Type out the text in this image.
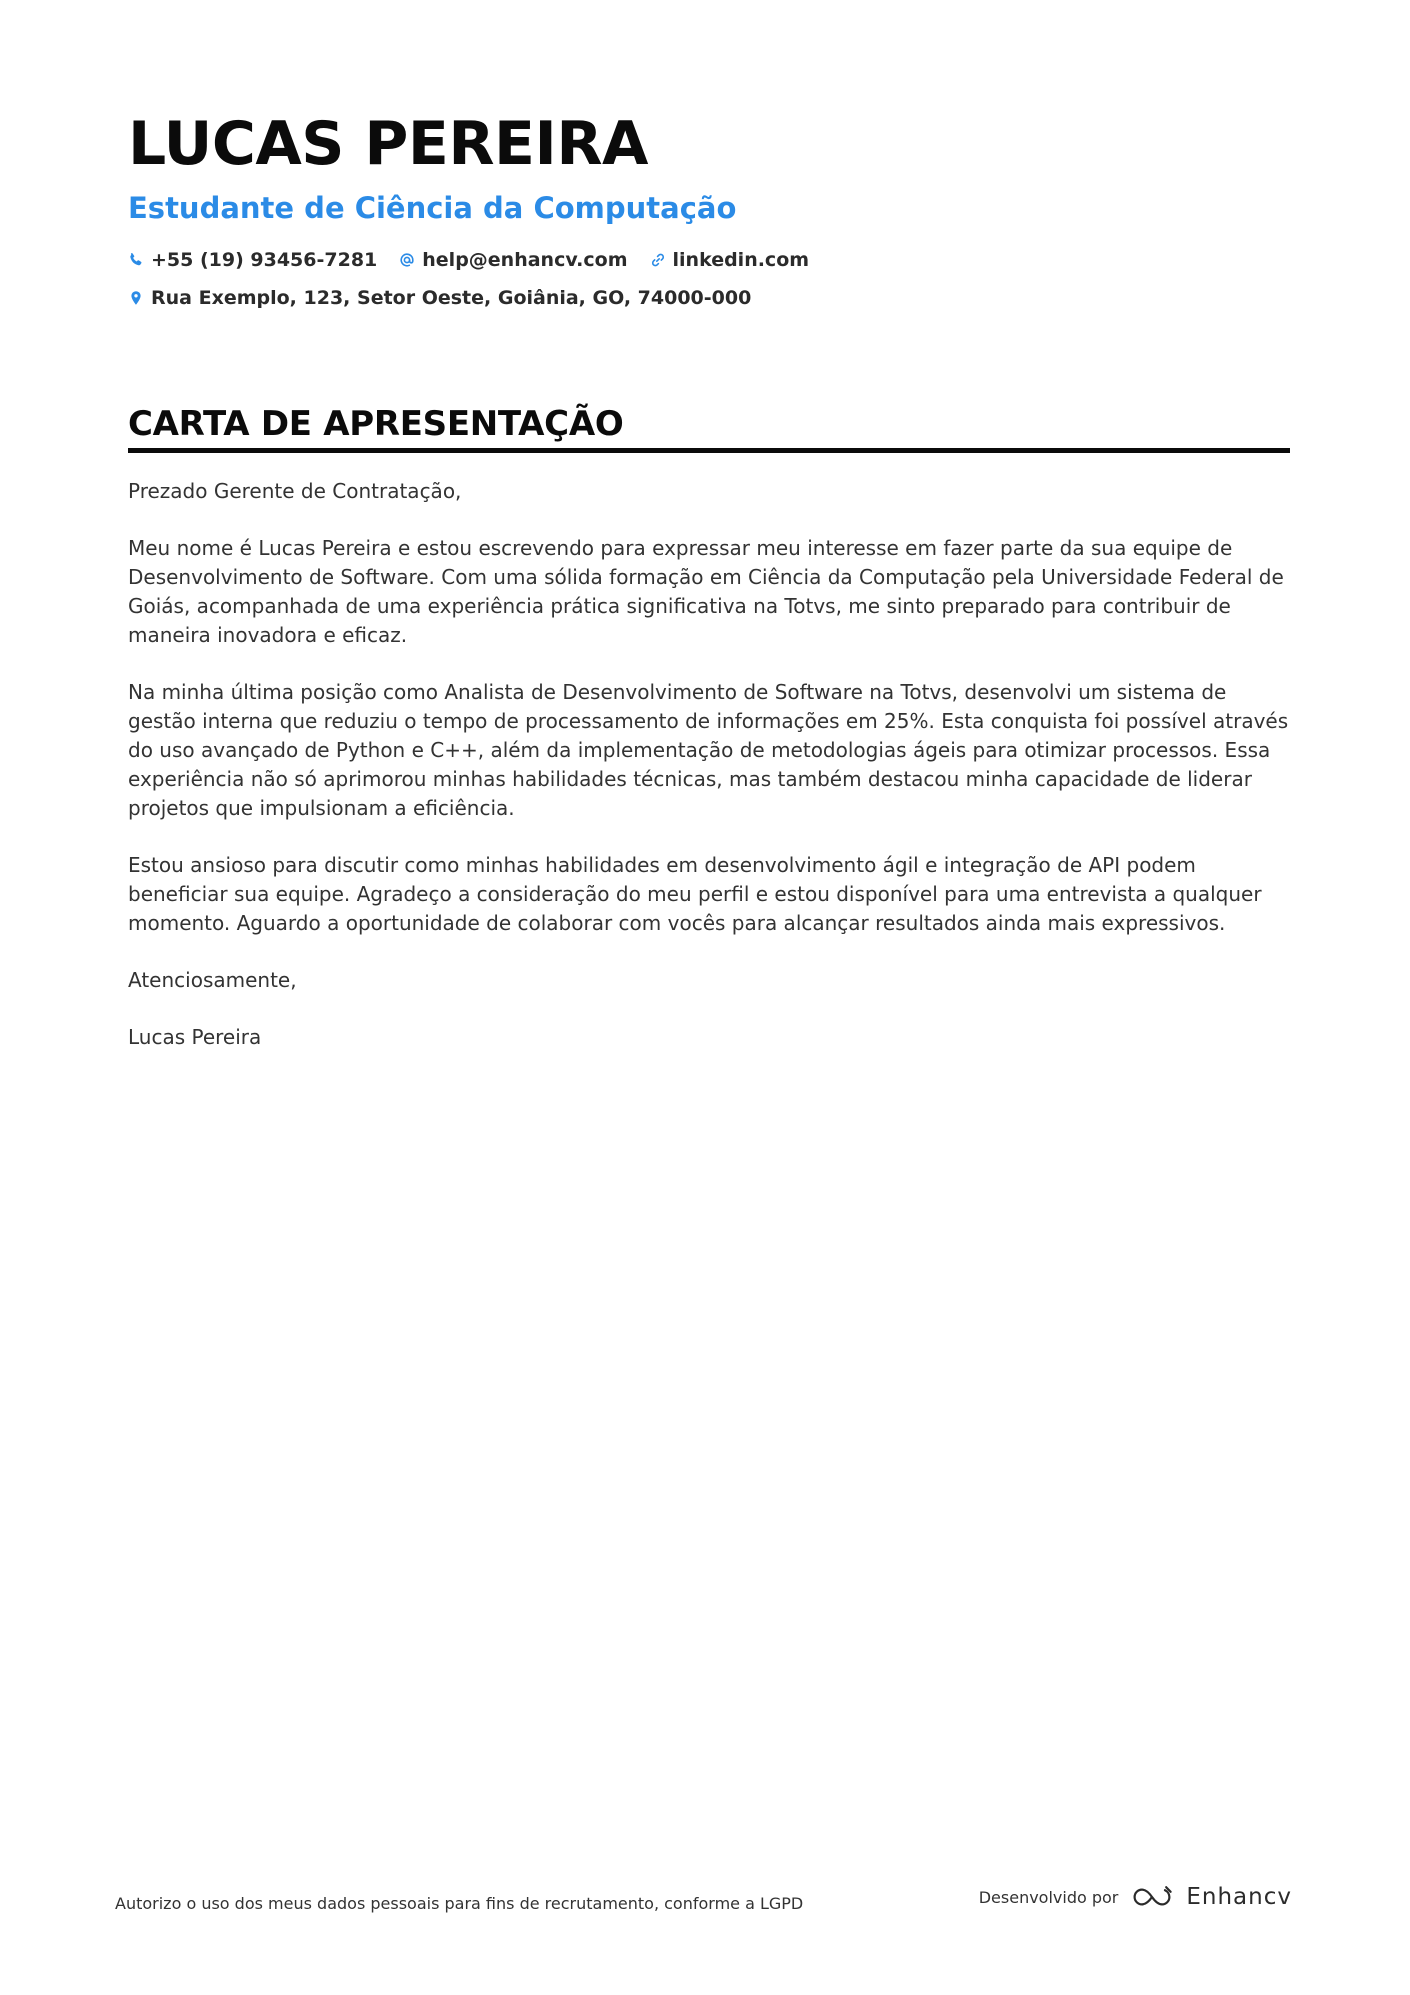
LUCAS PEREIRA
Estudante de Ciência da Computação
+55 (19) 93456-7281 help@enhancv.com linkedin.com
Rua Exemplo, 123, Setor Oeste, Goiânia, GO, 74000-000
CARTA DE APRESENTAÇÃO

Prezado Gerente de Contratação,

Meu nome é Lucas Pereira e estou escrevendo para expressar meu interesse em fazer parte da sua equipe de Desenvolvimento de Software. Com uma sólida formação em Ciência da Computação pela Universidade Federal de Goiás, acompanhada de uma experiência prática significativa na Totvs, me sinto preparado para contribuir de maneira inovadora e eficaz.

Na minha última posição como Analista de Desenvolvimento de Software na Totvs, desenvolvi um sistema de gestão interna que reduziu o tempo de processamento de informações em 25%. Esta conquista foi possível através do uso avançado de Python e C++, além da implementação de metodologias ágeis para otimizar processos. Essa experiência não só aprimorou minhas habilidades técnicas, mas também destacou minha capacidade de liderar projetos que impulsionam a eficiência.

Estou ansioso para discutir como minhas habilidades em desenvolvimento ágil e integração de API podem beneficiar sua equipe. Agradeço a consideração do meu perfil e estou disponível para uma entrevista a qualquer momento. Aguardo a oportunidade de colaborar com vocês para alcançar resultados ainda mais expressivos.

Atenciosamente,

Lucas Pereira

Autorizo o uso dos meus dados pessoais para fins de recrutamento, conforme a LGPD	Desenvolvido por	Enhancv
